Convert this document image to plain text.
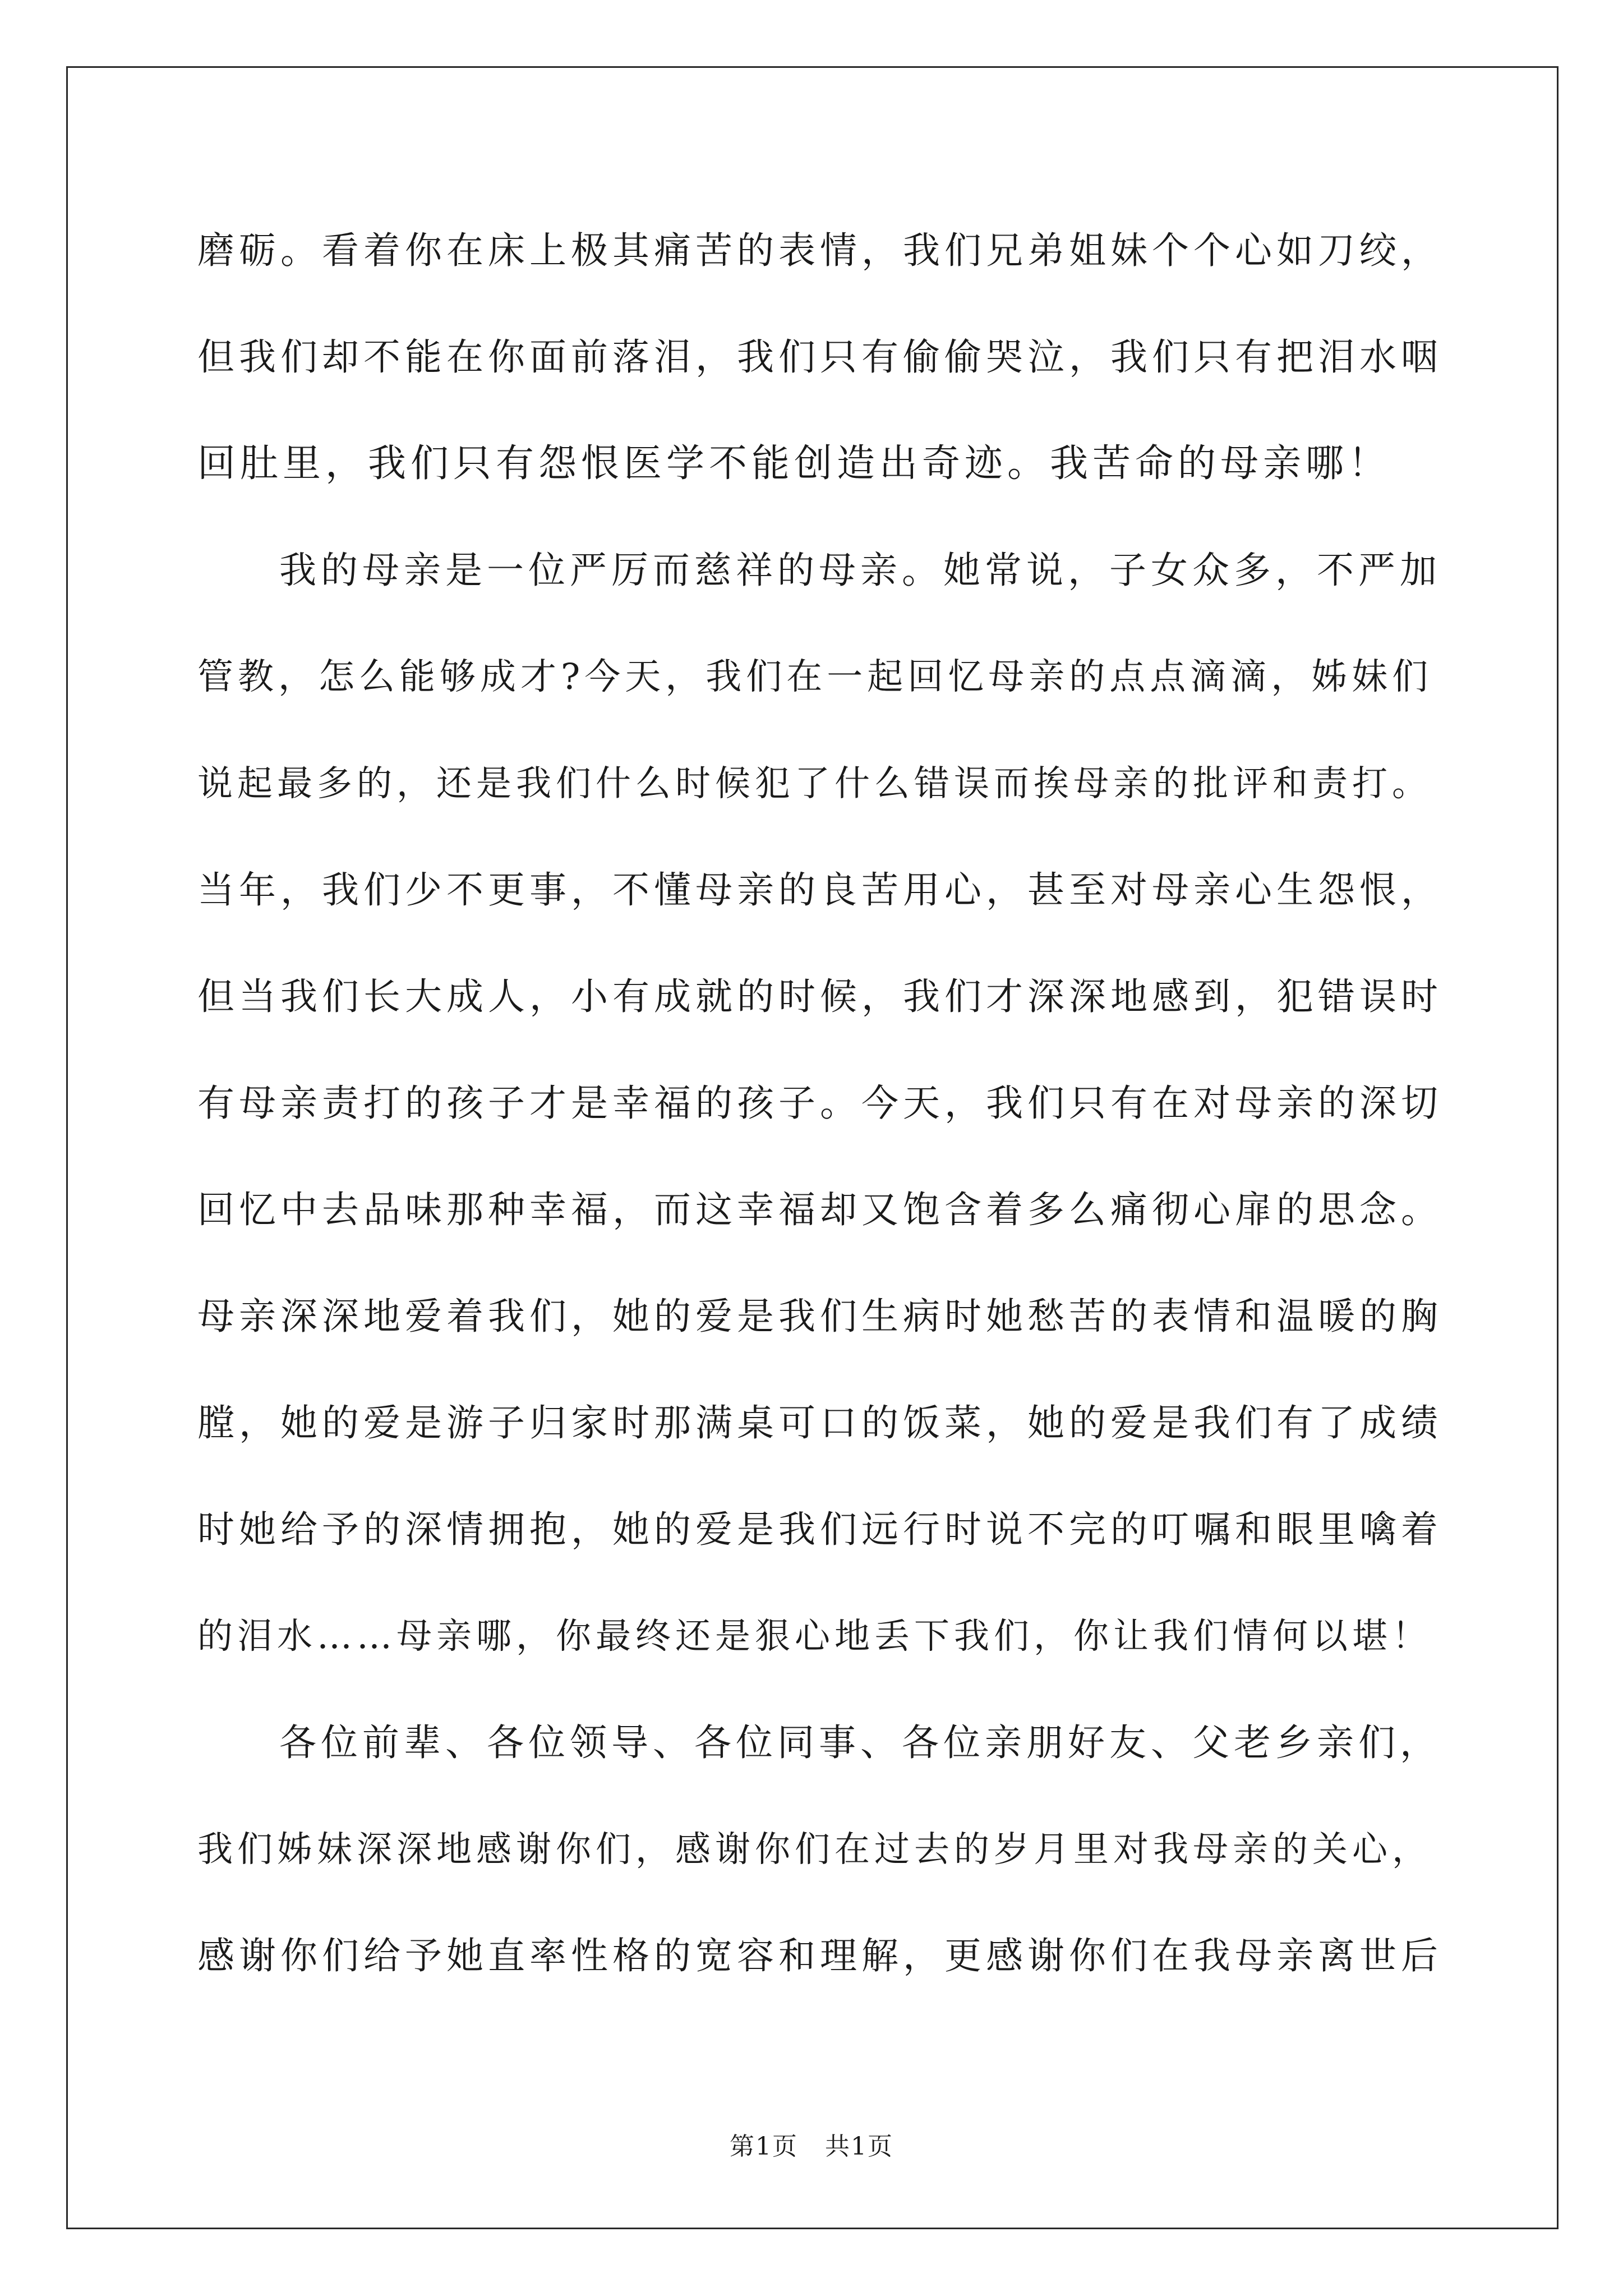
磨砺。看着你在床上极其痛苦的表情，我们兄弟姐妹个个心如刀绞，
但我们却不能在你面前落泪，我们只有偷偷哭泣，我们只有把泪水咽
回肚里，我们只有怨恨医学不能创造出奇迹。我苦命的母亲哪！
我的母亲是一位严厉而慈祥的母亲。她常说，子女众多，不严加
管教，怎么能够成才?今天，我们在一起回忆母亲的点点滴滴，姊妹们
说起最多的，还是我们什么时候犯了什么错误而挨母亲的批评和责打。
当年，我们少不更事，不懂母亲的良苦用心，甚至对母亲心生怨恨，
但当我们长大成人，小有成就的时候，我们才深深地感到，犯错误时
有母亲责打的孩子才是幸福的孩子。今天，我们只有在对母亲的深切
回忆中去品味那种幸福，而这幸福却又饱含着多么痛彻心扉的思念。
母亲深深地爱着我们，她的爱是我们生病时她愁苦的表情和温暖的胸
膛，她的爱是游子归家时那满桌可口的饭菜，她的爱是我们有了成绩
时她给予的深情拥抱，她的爱是我们远行时说不完的叮嘱和眼里噙着
的泪水……母亲哪，你最终还是狠心地丢下我们，你让我们情何以堪！
各位前辈、各位领导、各位同事、各位亲朋好友、父老乡亲们，
我们姊妹深深地感谢你们，感谢你们在过去的岁月里对我母亲的关心，
感谢你们给予她直率性格的宽容和理解，更感谢你们在我母亲离世后
第1页 共1页
